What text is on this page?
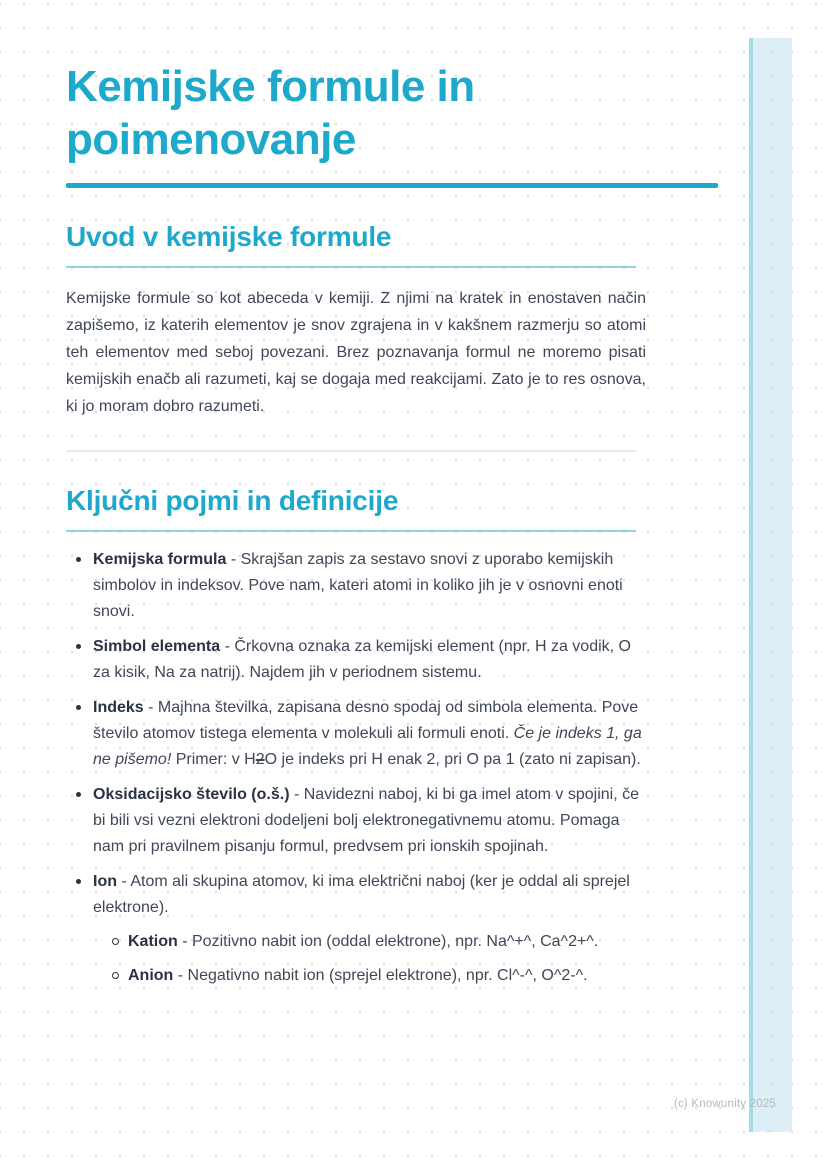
Kemijske formule in poimenovanje
Uvod v kemijske formule

Kemijske formule so kot abeceda v kemiji. Z njimi na kratek in enostaven način zapišemo, iz katerih elementov je snov zgrajena in v kakšnem razmerju so atomi teh elementov med seboj povezani. Brez poznavanja formul ne moremo pisati kemijskih enačb ali razumeti, kaj se dogaja med reakcijami. Zato je to res osnova, ki jo moram dobro razumeti.

Ključni pojmi in definicije
Kemijska formula - Skrajšan zapis za sestavo snovi z uporabo kemijskih simbolov in indeksov. Pove nam, kateri atomi in koliko jih je v osnovni enoti snovi.
Simbol elementa - Črkovna oznaka za kemijski element (npr. H za vodik, O za kisik, Na za natrij). Najdem jih v periodnem sistemu.
Indeks - Majhna številka, zapisana desno spodaj od simbola elementa. Pove število atomov tistega elementa v molekuli ali formuli enoti. Če je indeks 1, ga ne pišemo! Primer: v H2O je indeks pri H enak 2, pri O pa 1 (zato ni zapisan).
Oksidacijsko število (o.š.) - Navidezni naboj, ki bi ga imel atom v spojini, če bi bili vsi vezni elektroni dodeljeni bolj elektronegativnemu atomu. Pomaga nam pri pravilnem pisanju formul, predvsem pri ionskih spojinah.
Ion - Atom ali skupina atomov, ki ima električni naboj (ker je oddal ali sprejel elektrone).
Kation - Pozitivno nabit ion (oddal elektrone), npr. Na^+^, Ca^2+^.
Anion - Negativno nabit ion (sprejel elektrone), npr. Cl^-^, O^2-^.
(c) Knowunity 2025
